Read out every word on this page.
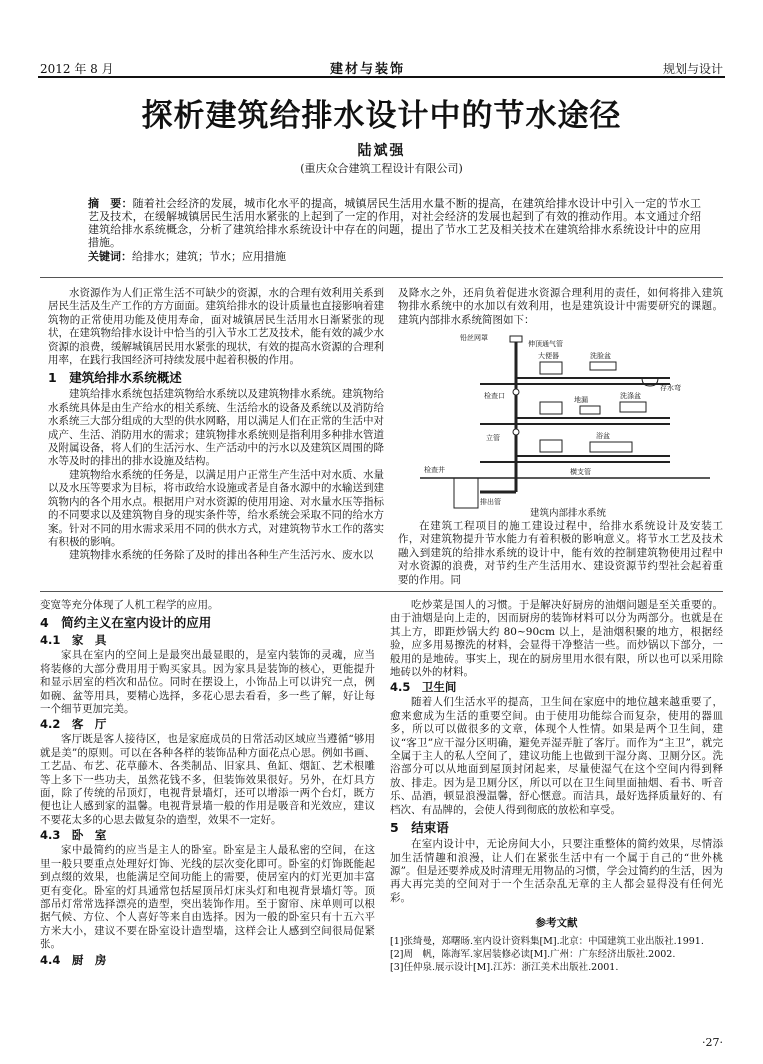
2012 年 8 月	建材与装饰	规划与设计
探析建筑给排水设计中的节水途径
陆斌强
(重庆众合建筑工程设计有限公司)
摘　要：随着社会经济的发展，城市化水平的提高，城镇居民生活用水量不断的提高，在建筑给排水设计中引入一定的节水工艺及技术，在缓解城镇居民生活用水紧张的上起到了一定的作用，对社会经济的发展也起到了有效的推动作用。本文通过介绍建筑给排水系统概念，分析了建筑给排水系统设计中存在的问题，提出了节水工艺及相关技术在建筑给排水系统设计中的应用措施。
关键词：给排水；建筑；节水；应用措施

水资源作为人们正常生活不可缺少的资源，水的合理有效利用关系到居民生活及生产工作的方方面面。建筑给排水的设计质量也直接影响着建筑物的正常使用功能及使用寿命，面对城镇居民生活用水日渐紧张的现状，在建筑物给排水设计中恰当的引入节水工艺及技术，能有效的减少水资源的浪费，缓解城镇居民用水紧张的现状，有效的提高水资源的合理利用率，在践行我国经济可持续发展中起着积极的作用。

1　建筑给排水系统概述

建筑给排水系统包括建筑物给水系统以及建筑物排水系统。建筑物给水系统具体是由生产给水的相关系统、生活给水的设备及系统以及消防给水系统三大部分组成的大型的供水网略，用以满足人们在正常的生活中对成产、生活、消防用水的需求；建筑物排水系统则是指利用多种排水管道及附属设备，将人们的生活污水、生产活动中的污水以及建筑区周围的降水等及时的排出的排水设施及结构。

建筑物给水系统的任务是，以满足用户正常生产生活中对水质、水量以及水压等要求为目标，将市政给水设施或者是自备水源中的水输送到建筑物内的各个用水点。根据用户对水资源的使用用途、对水量水压等指标的不同要求以及建筑物自身的现实条件等，给水系统会采取不同的给水方案。针对不同的用水需求采用不同的供水方式，对建筑物节水工作的落实有积极的影响。

建筑物排水系统的任务除了及时的排出各种生产生活污水、废水以

及降水之外，还肩负着促进水资源合理利用的责任，如何将排入建筑物排水系统中的水加以有效利用，也是建筑设计中需要研究的课题。建筑内部排水系统简图如下：

铅丝网罩
伸顶通气管
检查口
大便器	洗脸盆
存水弯
立管
地漏	洗涤盆
浴盆
检查井	横支管
排出管
建筑内部排水系统

在建筑工程项目的施工建设过程中，给排水系统设计及安装工作，对建筑物提升节水能力有着积极的影响意义。将节水工艺及技术融入到建筑的给排水系统的设计中，能有效的控制建筑物使用过程中对水资源的浪费，对节约生产生活用水、建设资源节约型社会起着重要的作用。同

变宽等充分体现了人机工程学的应用。

4　简约主义在室内设计的应用
4.1　家　具

家具在室内的空间上是最突出最显眼的，是室内装饰的灵魂，应当将装修的大部分费用用于购买家具。因为家具是装饰的核心，更能提升和显示居室的档次和品位。同时在摆设上，小饰品上可以讲究一点，例如碗、盆等用具，要精心选择，多花心思去看看，多一些了解，好让每一个细节更加完美。

4.2　客　厅

客厅既是客人接待区，也是家庭成员的日常活动区域应当遵循“够用就是美”的原则。可以在各种各样的装饰品种方面花点心思。例如书画、工艺品、布艺、花草藤木、各类制品、旧家具、鱼缸、烟缸、艺术根雕等上多下一些功夫，虽然花钱不多，但装饰效果很好。另外，在灯具方面，除了传统的吊顶灯，电视背景墙灯，还可以增添一两个台灯，既方便也让人感到家的温馨。电视背景墙一般的作用是吸音和光效应，建议不要花太多的心思去做复杂的造型，效果不一定好。

4.3　卧　室

家中最简约的应当是主人的卧室。卧室是主人最私密的空间，在这里一般只要重点处理好灯饰、光线的层次变化即可。卧室的灯饰既能起到点缀的效果，也能满足空间功能上的需要，使居室内的灯光更加丰富更有变化。卧室的灯具通常包括屋顶吊灯床头灯和电视背景墙灯等。顶部吊灯常常选择漂亮的造型，突出装饰作用。至于窗帘、床单则可以根据气候、方位、个人喜好等来自由选择。因为一般的卧室只有十五六平方米大小，建议不要在卧室设计造型墙，这样会让人感到空间很局促紧张。

4.4　厨　房

吃炒菜是国人的习惯。于是解决好厨房的油烟问题是至关重要的。由于油烟是向上走的，因而厨房的装饰材料可以分为两部分。也就是在其上方，即距炒锅大约 80~90cm 以上，是油烟积聚的地方，根据经验，应多用易擦洗的材料，会显得干净整洁一些。而炒锅以下部分，一般用的是地砖。事实上，现在的厨房里用水很有限，所以也可以采用除地砖以外的材料。

4.5　卫生间

随着人们生活水平的提高，卫生间在家庭中的地位越来越重要了，愈来愈成为生活的重要空间。由于使用功能综合而复杂，使用的器皿多，所以可以做很多的文章，体现个人性情。如果是两个卫生间，建议“客卫”应干湿分区明确，避免弄湿弄脏了客厅。而作为“主卫”，就完全属于主人的私人空间了，建议功能上也做到干湿分离、卫厕分区。洗浴部分可以从地面到屋顶封闭起来，尽量使湿气在这个空间内得到释放、排走。因为是卫厕分区，所以可以在卫生间里面抽烟、看书、听音乐、品酒，顿显浪漫温馨，舒心惬意。而洁具，最好选择质量好的、有档次、有品牌的，会使人得到彻底的放松和享受。

5　结束语

在室内设计中，无论房间大小，只要注重整体的简约效果，尽情添加生活情趣和浪漫，让人们在紧张生活中有一个属于自己的“世外桃源”。但是还要养成及时清理无用物品的习惯，学会过简约的生活，因为再大再完美的空间对于一个生活杂乱无章的主人都会显得没有任何光彩。

参考文献
[1]张绮曼，郑曙旸.室内设计资料集[M].北京：中国建筑工业出版社.1991.
[2]周　帆，陈海军.家居装修必读[M].广州：广东经济出版社.2002.
[3]任仲泉.展示设计[M].江苏：浙江美术出版社.2001.
·27·
